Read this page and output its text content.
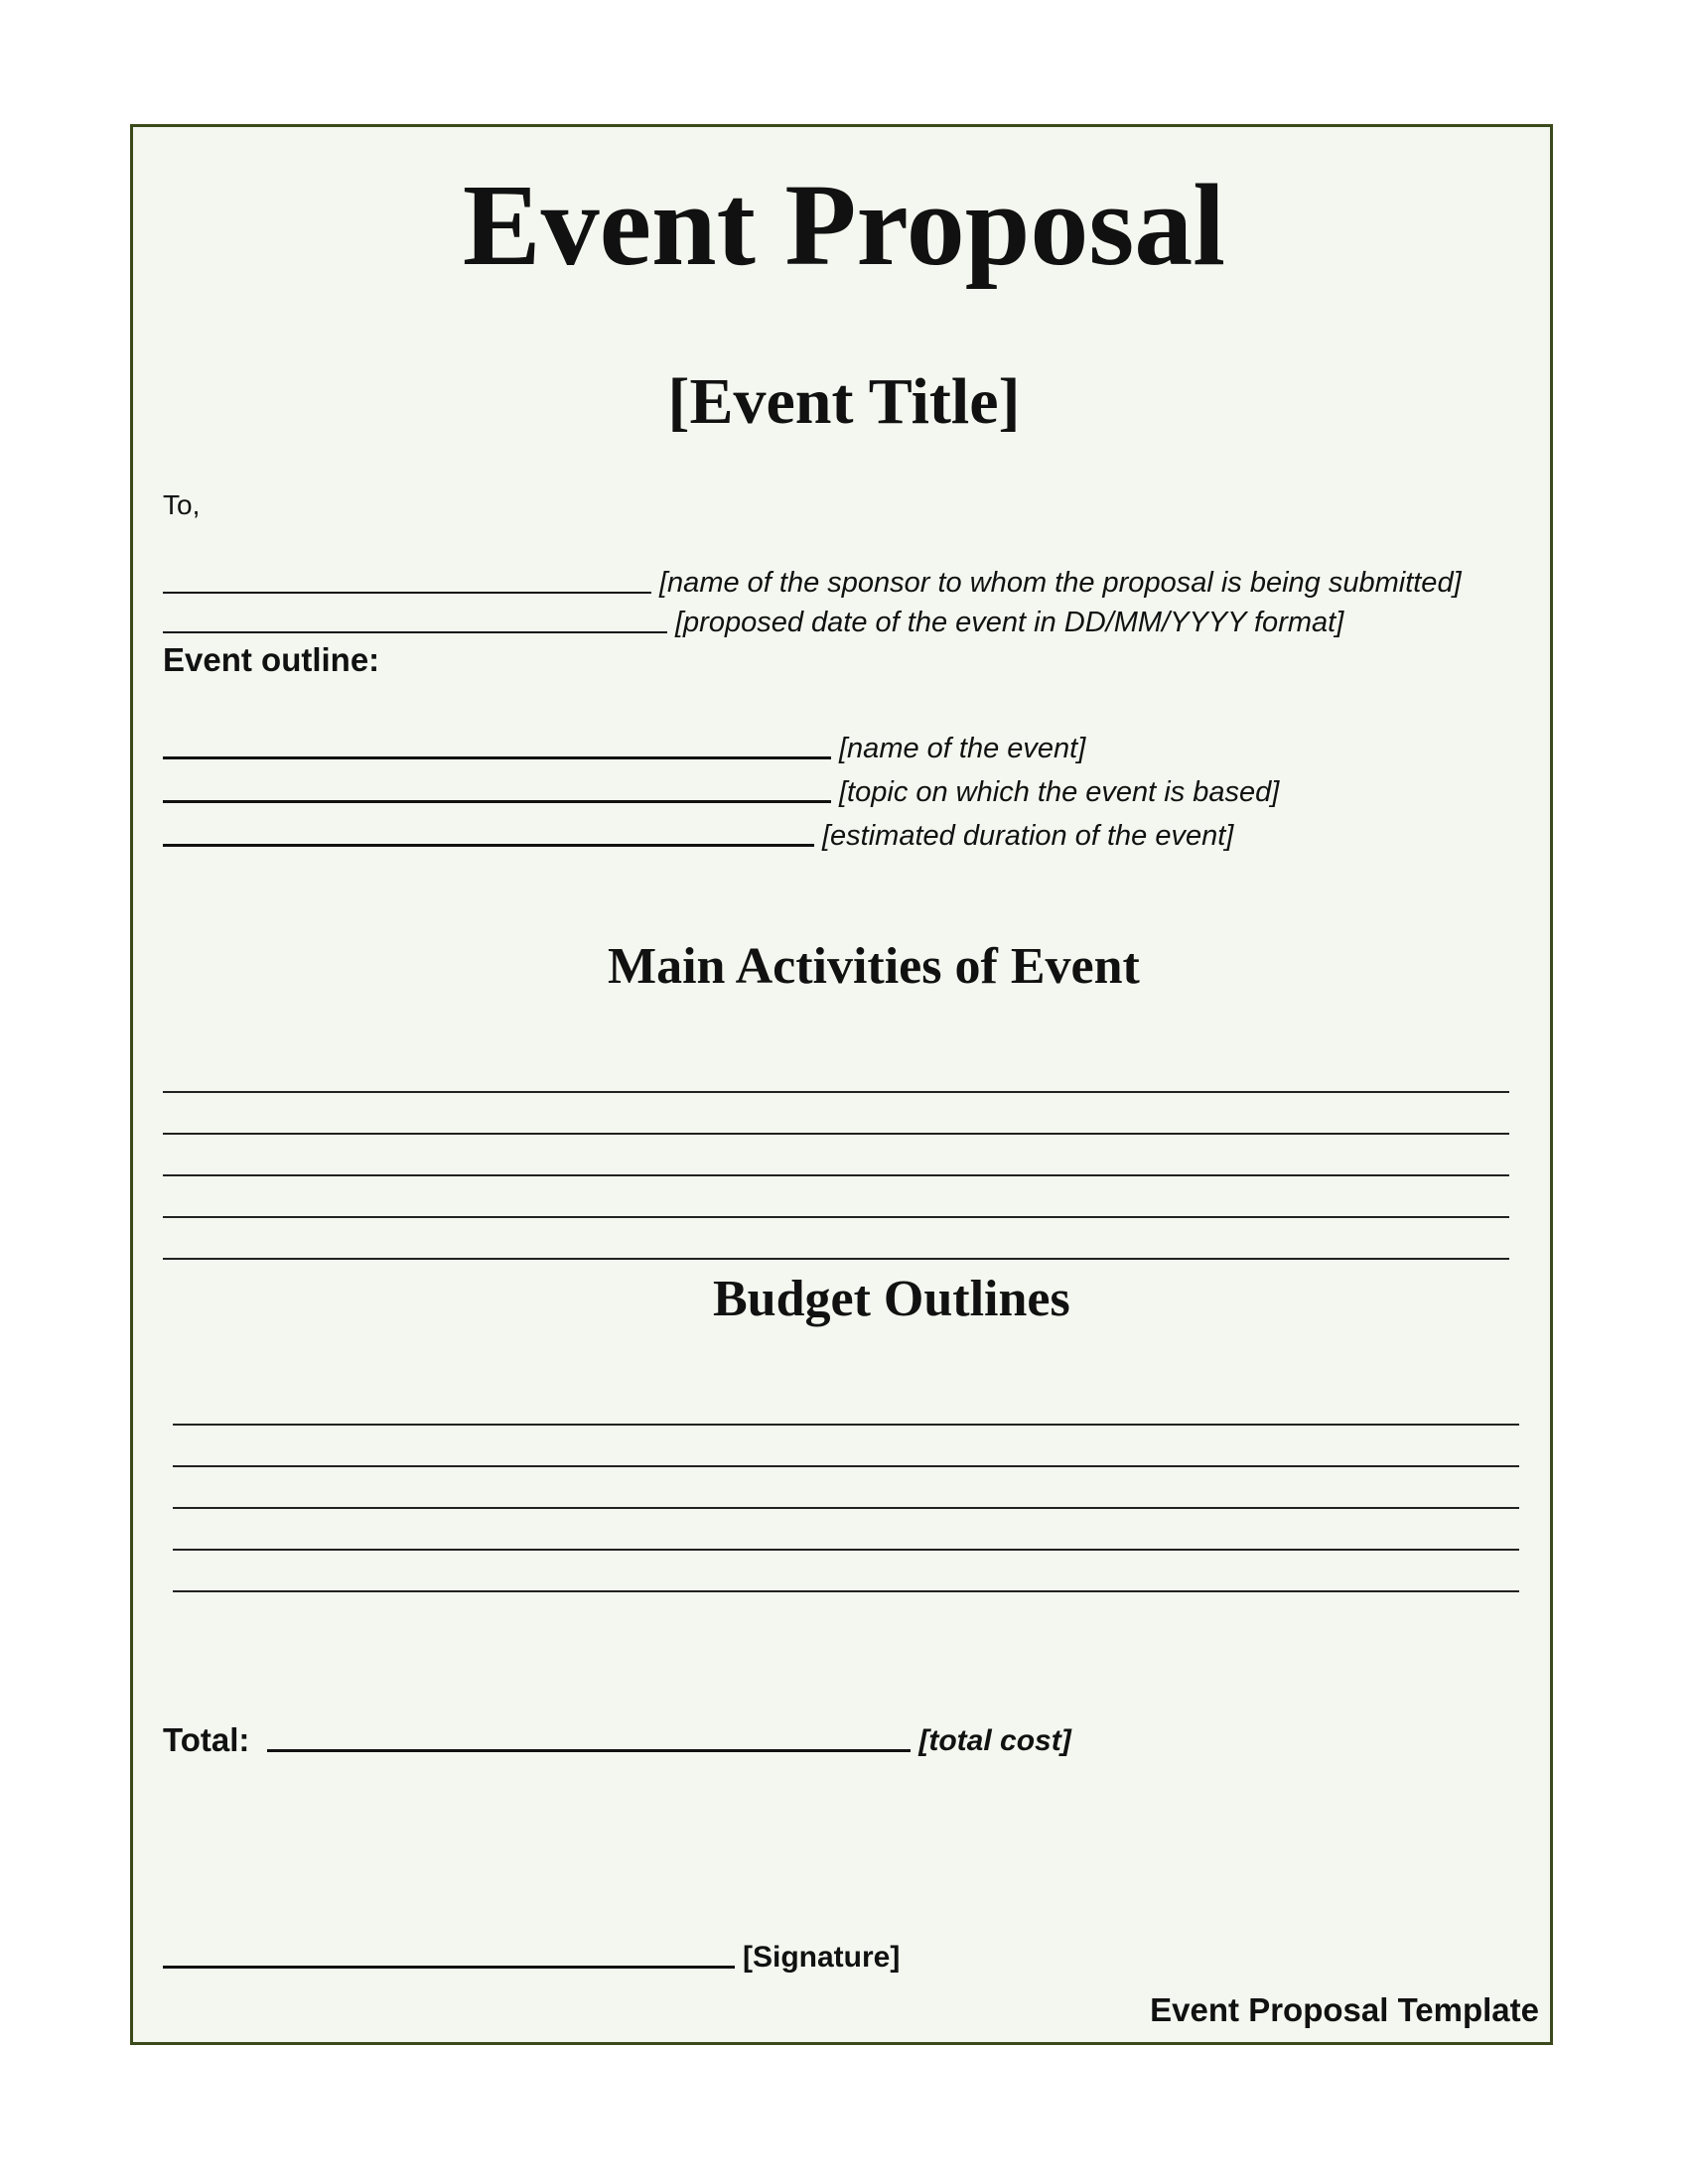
Event Proposal
[Event Title]
To,
[name of the sponsor to whom the proposal is being submitted]
[proposed date of the event in DD/MM/YYYY format]
Event outline:
[name of the event]
[topic on which the event is based]
[estimated duration of the event]
Main Activities of Event
Budget Outlines
Total:	[total cost]
[Signature]
Event Proposal Template
